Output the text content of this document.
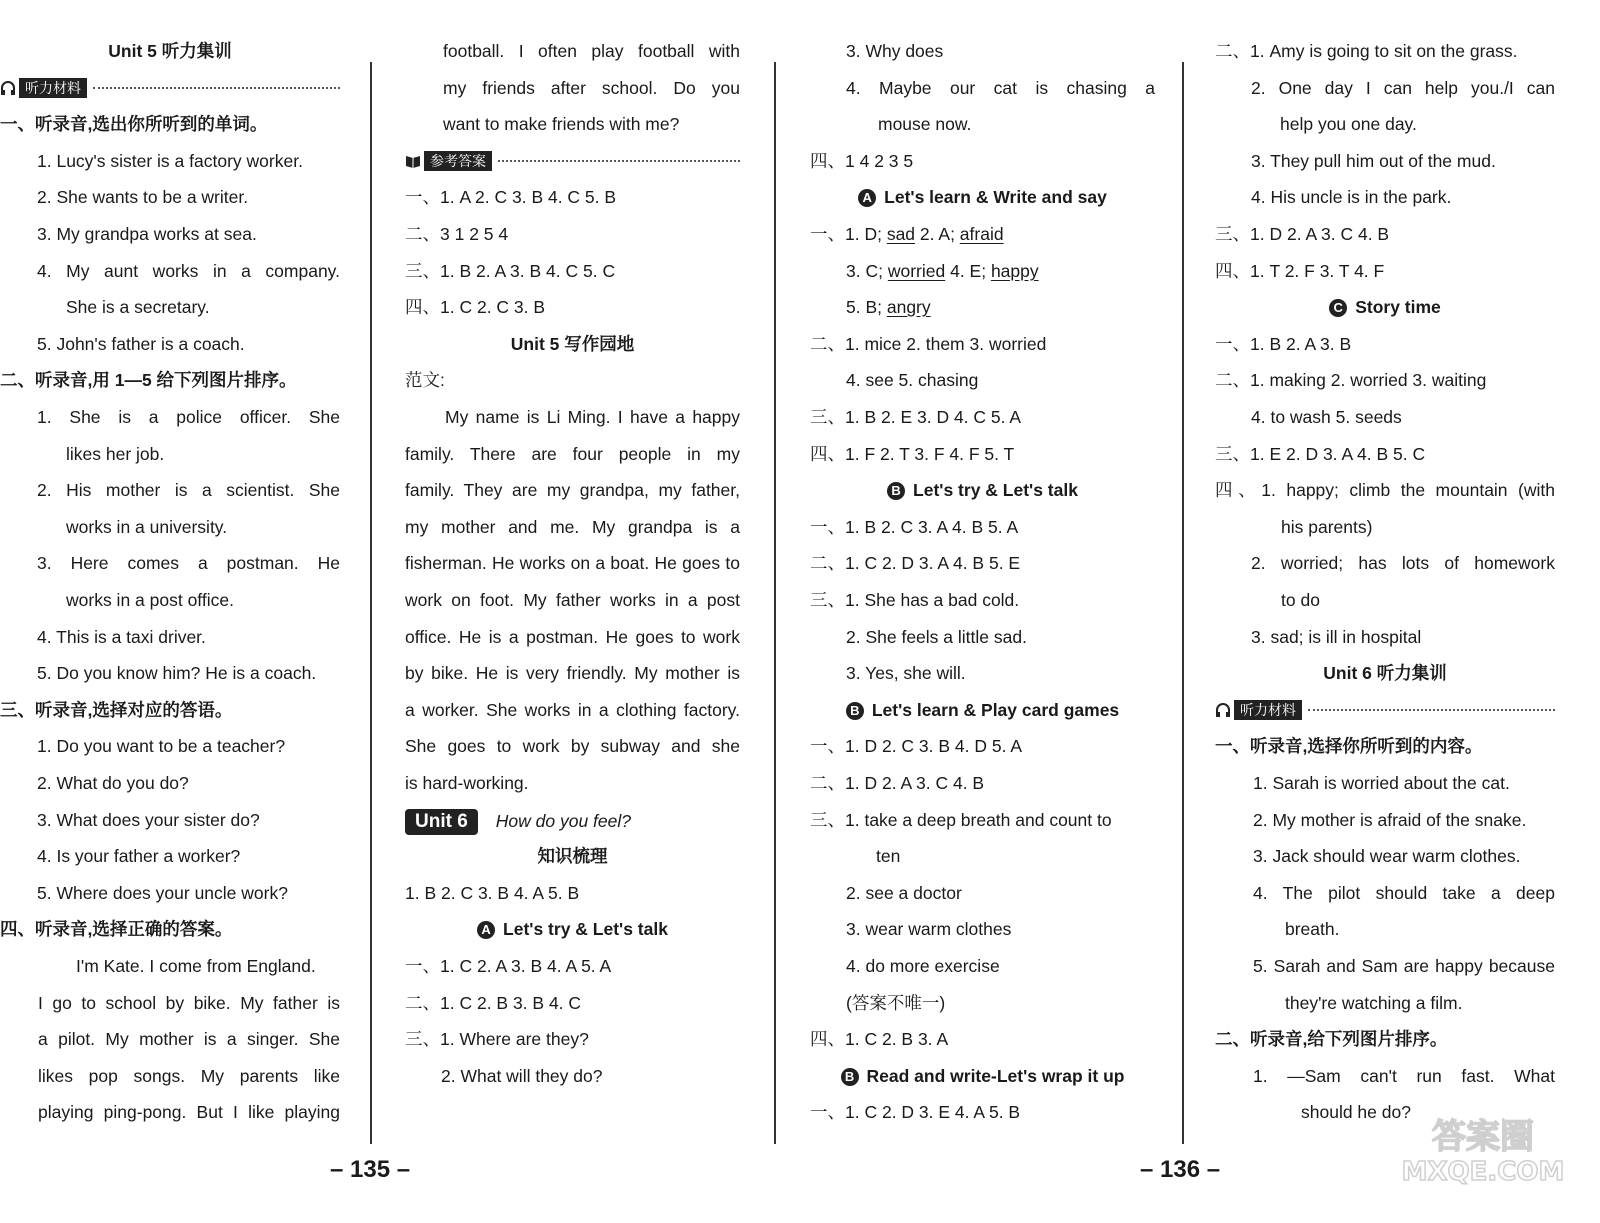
Unit 5 听力集训
听力材料
一、听录音,选出你所听到的单词。
1. Lucy's sister is a factory worker.
2. She wants to be a writer.
3. My grandpa works at sea.
4. My aunt works in a company.
She is a secretary.
5. John's father is a coach.
二、听录音,用 1—5 给下列图片排序。
1. She is a police officer. She
likes her job.
2. His mother is a scientist. She
works in a university.
3. Here comes a postman. He
works in a post office.
4. This is a taxi driver.
5. Do you know him? He is a coach.
三、听录音,选择对应的答语。
1. Do you want to be a teacher?
2. What do you do?
3. What does your sister do?
4. Is your father a worker?
5. Where does your uncle work?
四、听录音,选择正确的答案。
I'm Kate. I come from England.
I go to school by bike. My father is
a pilot. My mother is a singer. She
likes pop songs. My parents like
playing ping-pong. But I like playing
football. I often play football with
my friends after school. Do you
want to make friends with me?
参考答案
一、1. A 2. C 3. B 4. C 5. B
二、3 1 2 5 4
三、1. B 2. A 3. B 4. C 5. C
四、1. C 2. C 3. B
Unit 5 写作园地
范文:
My name is Li Ming. I have a happy
family. There are four people in my
family. They are my grandpa, my father,
my mother and me. My grandpa is a
fisherman. He works on a boat. He goes to
work on foot. My father works in a post
office. He is a postman. He goes to work
by bike. He is very friendly. My mother is
a worker. She works in a clothing factory.
She goes to work by subway and she
is hard-working.
Unit 6 How do you feel?
知识梳理
1. B 2. C 3. B 4. A 5. B
A Let's try & Let's talk
一、1. C 2. A 3. B 4. A 5. A
二、1. C 2. B 3. B 4. C
三、1. Where are they?
2. What will they do?
3. Why does
4. Maybe our cat is chasing a
mouse now.
四、1 4 2 3 5
A Let's learn & Write and say
一、1. D; sad 2. A; afraid
3. C; worried 4. E; happy
5. B; angry
二、1. mice 2. them 3. worried
4. see 5. chasing
三、1. B 2. E 3. D 4. C 5. A
四、1. F 2. T 3. F 4. F 5. T
B Let's try & Let's talk
一、1. B 2. C 3. A 4. B 5. A
二、1. C 2. D 3. A 4. B 5. E
三、1. She has a bad cold.
2. She feels a little sad.
3. Yes, she will.
B Let's learn & Play card games
一、1. D 2. C 3. B 4. D 5. A
二、1. D 2. A 3. C 4. B
三、1. take a deep breath and count to
ten
2. see a doctor
3. wear warm clothes
4. do more exercise
(答案不唯一)
四、1. C 2. B 3. A
B Read and write-Let's wrap it up
一、1. C 2. D 3. E 4. A 5. B
二、1. Amy is going to sit on the grass.
2. One day I can help you./I can
help you one day.
3. They pull him out of the mud.
4. His uncle is in the park.
三、1. D 2. A 3. C 4. B
四、1. T 2. F 3. T 4. F
C Story time
一、1. B 2. A 3. B
二、1. making 2. worried 3. waiting
4. to wash 5. seeds
三、1. E 2. D 3. A 4. B 5. C
四、1. happy; climb the mountain (with
his parents)
2. worried; has lots of homework
to do
3. sad; is ill in hospital
Unit 6 听力集训
听力材料
一、听录音,选择你所听到的内容。
1. Sarah is worried about the cat.
2. My mother is afraid of the snake.
3. Jack should wear warm clothes.
4. The pilot should take a deep
breath.
5. Sarah and Sam are happy because
they're watching a film.
二、听录音,给下列图片排序。
1. —Sam can't run fast. What
should he do?
– 135 –	– 136 –
答案圈
MXQE.COM
